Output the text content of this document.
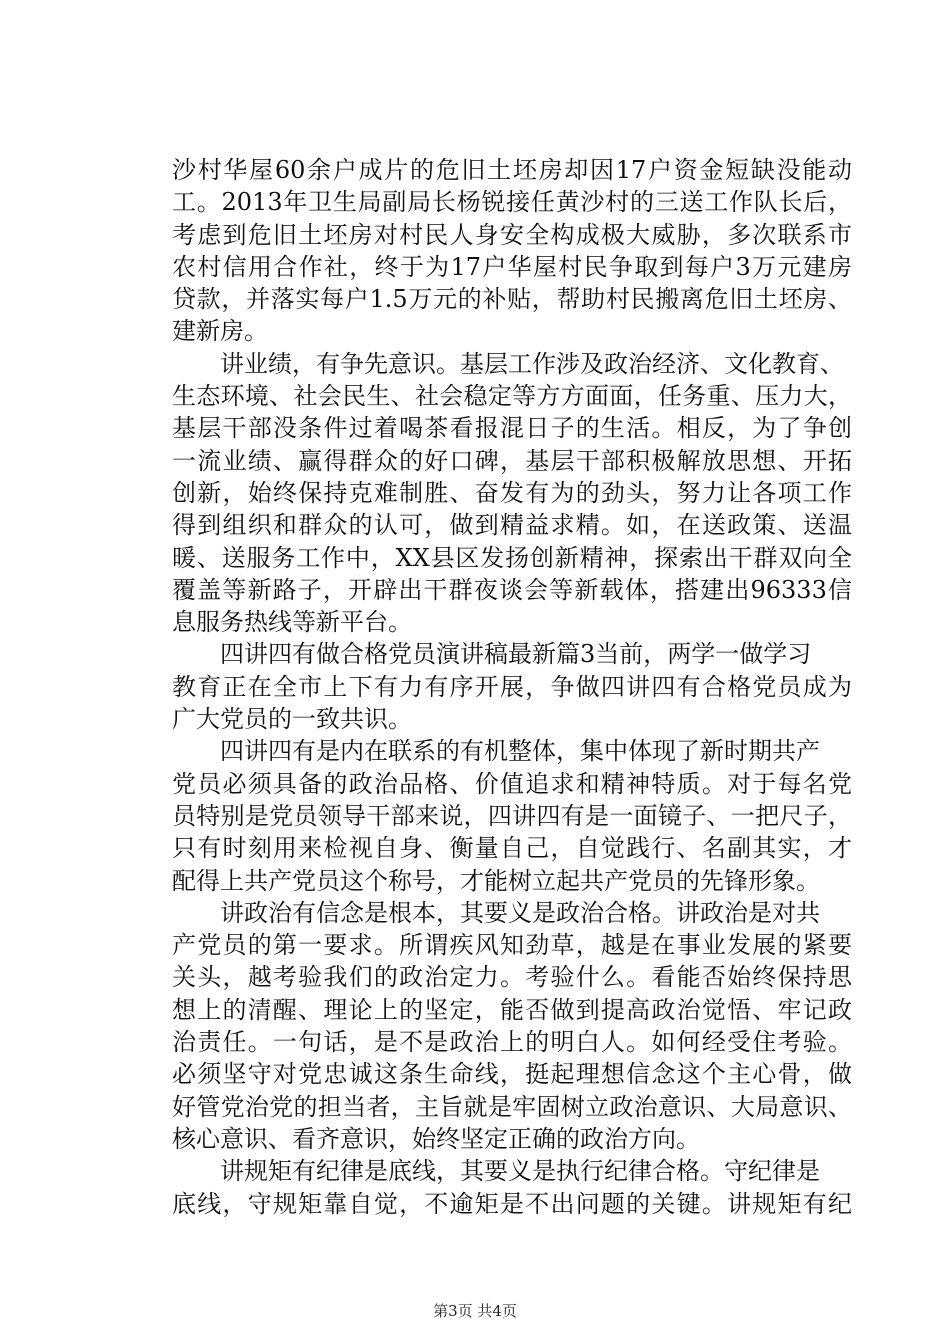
沙村华屋60余户成片的危旧土坯房却因17户资金短缺没能动
工。2013年卫生局副局长杨锐接任黄沙村的三送工作队长后，
考虑到危旧土坯房对村民人身安全构成极大威胁，多次联系市
农村信用合作社，终于为17户华屋村民争取到每户3万元建房
贷款，并落实每户1.5万元的补贴，帮助村民搬离危旧土坯房、
建新房。
讲业绩，有争先意识。基层工作涉及政治经济、文化教育、
生态环境、社会民生、社会稳定等方方面面，任务重、压力大，
基层干部没条件过着喝茶看报混日子的生活。相反，为了争创
一流业绩、赢得群众的好口碑，基层干部积极解放思想、开拓
创新，始终保持克难制胜、奋发有为的劲头，努力让各项工作
得到组织和群众的认可，做到精益求精。如，在送政策、送温
暖、送服务工作中，XX县区发扬创新精神，探索出干群双向全
覆盖等新路子，开辟出干群夜谈会等新载体，搭建出96333信
息服务热线等新平台。
四讲四有做合格党员演讲稿最新篇3当前，两学一做学习
教育正在全市上下有力有序开展，争做四讲四有合格党员成为
广大党员的一致共识。
四讲四有是内在联系的有机整体，集中体现了新时期共产
党员必须具备的政治品格、价值追求和精神特质。对于每名党
员特别是党员领导干部来说，四讲四有是一面镜子、一把尺子，
只有时刻用来检视自身、衡量自己，自觉践行、名副其实，才
配得上共产党员这个称号，才能树立起共产党员的先锋形象。
讲政治有信念是根本，其要义是政治合格。讲政治是对共
产党员的第一要求。所谓疾风知劲草，越是在事业发展的紧要
关头，越考验我们的政治定力。考验什么。看能否始终保持思
想上的清醒、理论上的坚定，能否做到提高政治觉悟、牢记政
治责任。一句话，是不是政治上的明白人。如何经受住考验。
必须坚守对党忠诚这条生命线，挺起理想信念这个主心骨，做
好管党治党的担当者，主旨就是牢固树立政治意识、大局意识、
核心意识、看齐意识，始终坚定正确的政治方向。
讲规矩有纪律是底线，其要义是执行纪律合格。守纪律是
底线，守规矩靠自觉，不逾矩是不出问题的关键。讲规矩有纪
第3页 共4页
